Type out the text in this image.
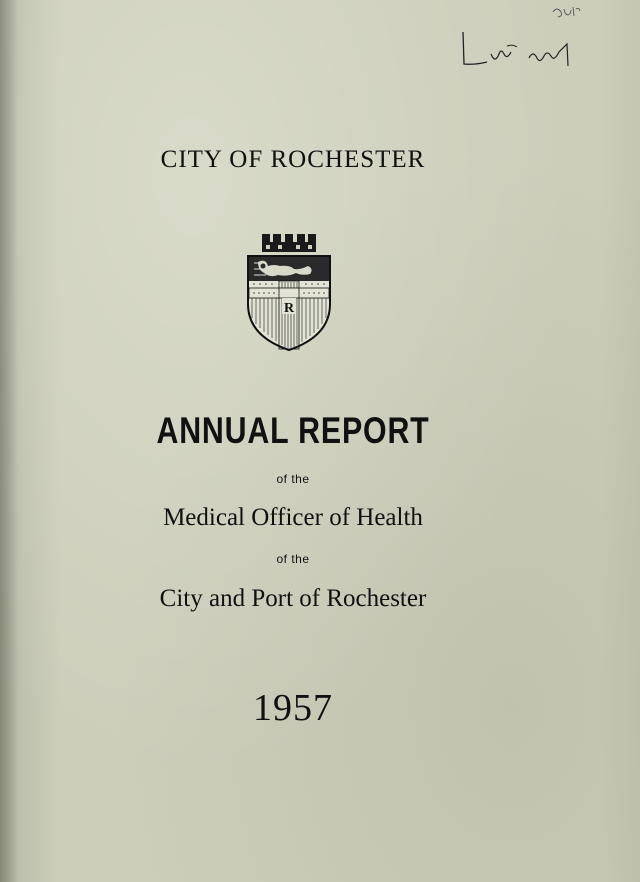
CITY OF ROCHESTER
R
ANNUAL REPORT
of the
Medical Officer of Health
of the
City and Port of Rochester
1957
